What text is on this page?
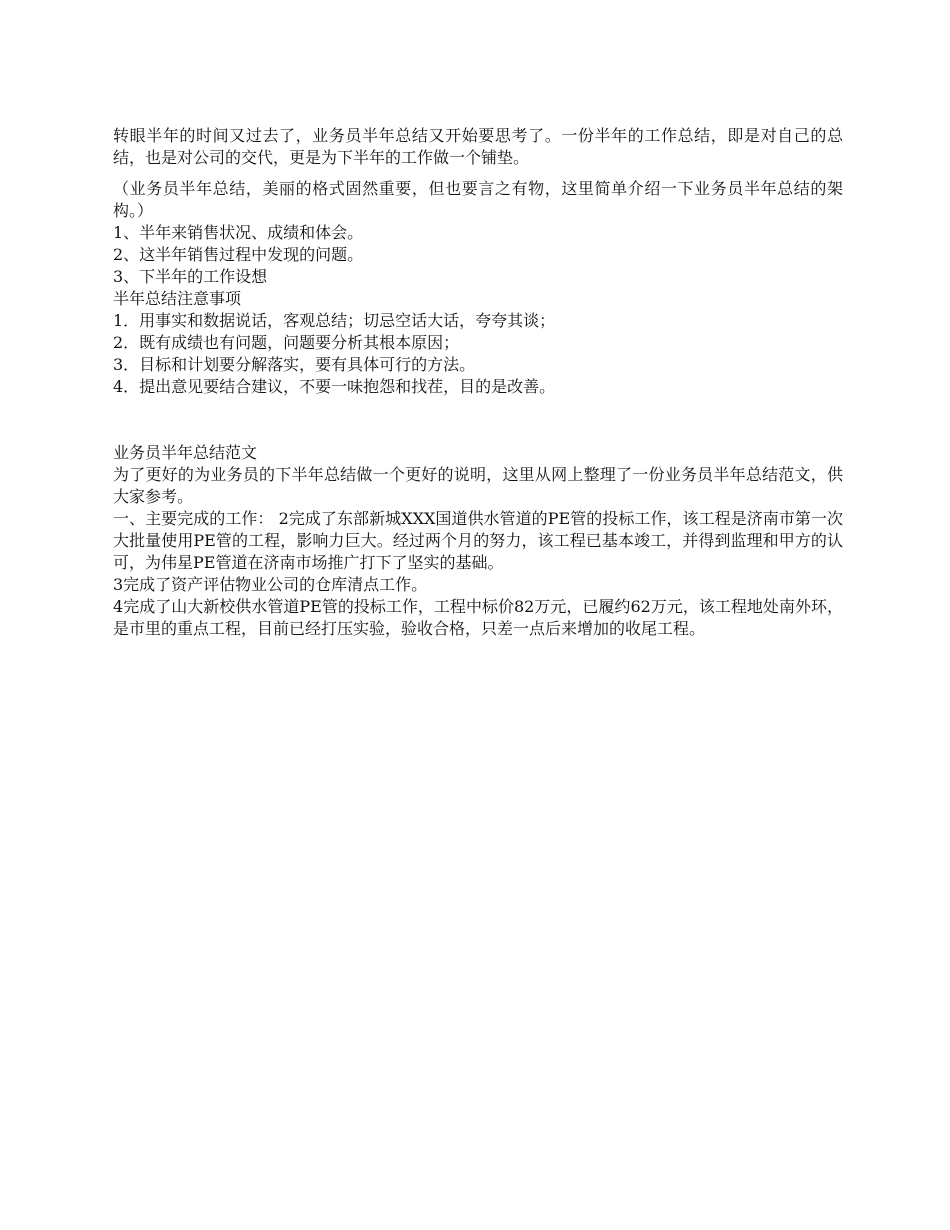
转眼半年的时间又过去了，业务员半年总结又开始要思考了。一份半年的工作总结，即是对自己的总结，也是对公司的交代，更是为下半年的工作做一个铺垫。

（业务员半年总结，美丽的格式固然重要，但也要言之有物，这里简单介绍一下业务员半年总结的架构。）

1、半年来销售状况、成绩和体会。

2、这半年销售过程中发现的问题。

3、下半年的工作设想

半年总结注意事项

1．用事实和数据说话，客观总结；切忌空话大话，夸夸其谈；

2．既有成绩也有问题，问题要分析其根本原因；

3．目标和计划要分解落实，要有具体可行的方法。

4．提出意见要结合建议，不要一味抱怨和找茬，目的是改善。

业务员半年总结范文

为了更好的为业务员的下半年总结做一个更好的说明，这里从网上整理了一份业务员半年总结范文，供大家参考。

一、主要完成的工作： 2完成了东部新城XXX国道供水管道的PE管的投标工作，该工程是济南市第一次大批量使用PE管的工程，影响力巨大。经过两个月的努力，该工程已基本竣工，并得到监理和甲方的认可，为伟星PE管道在济南市场推广打下了坚实的基础。

3完成了资产评估物业公司的仓库清点工作。

4完成了山大新校供水管道PE管的投标工作，工程中标价82万元，已履约62万元，该工程地处南外环，是市里的重点工程，目前已经打压实验，验收合格，只差一点后来增加的收尾工程。
